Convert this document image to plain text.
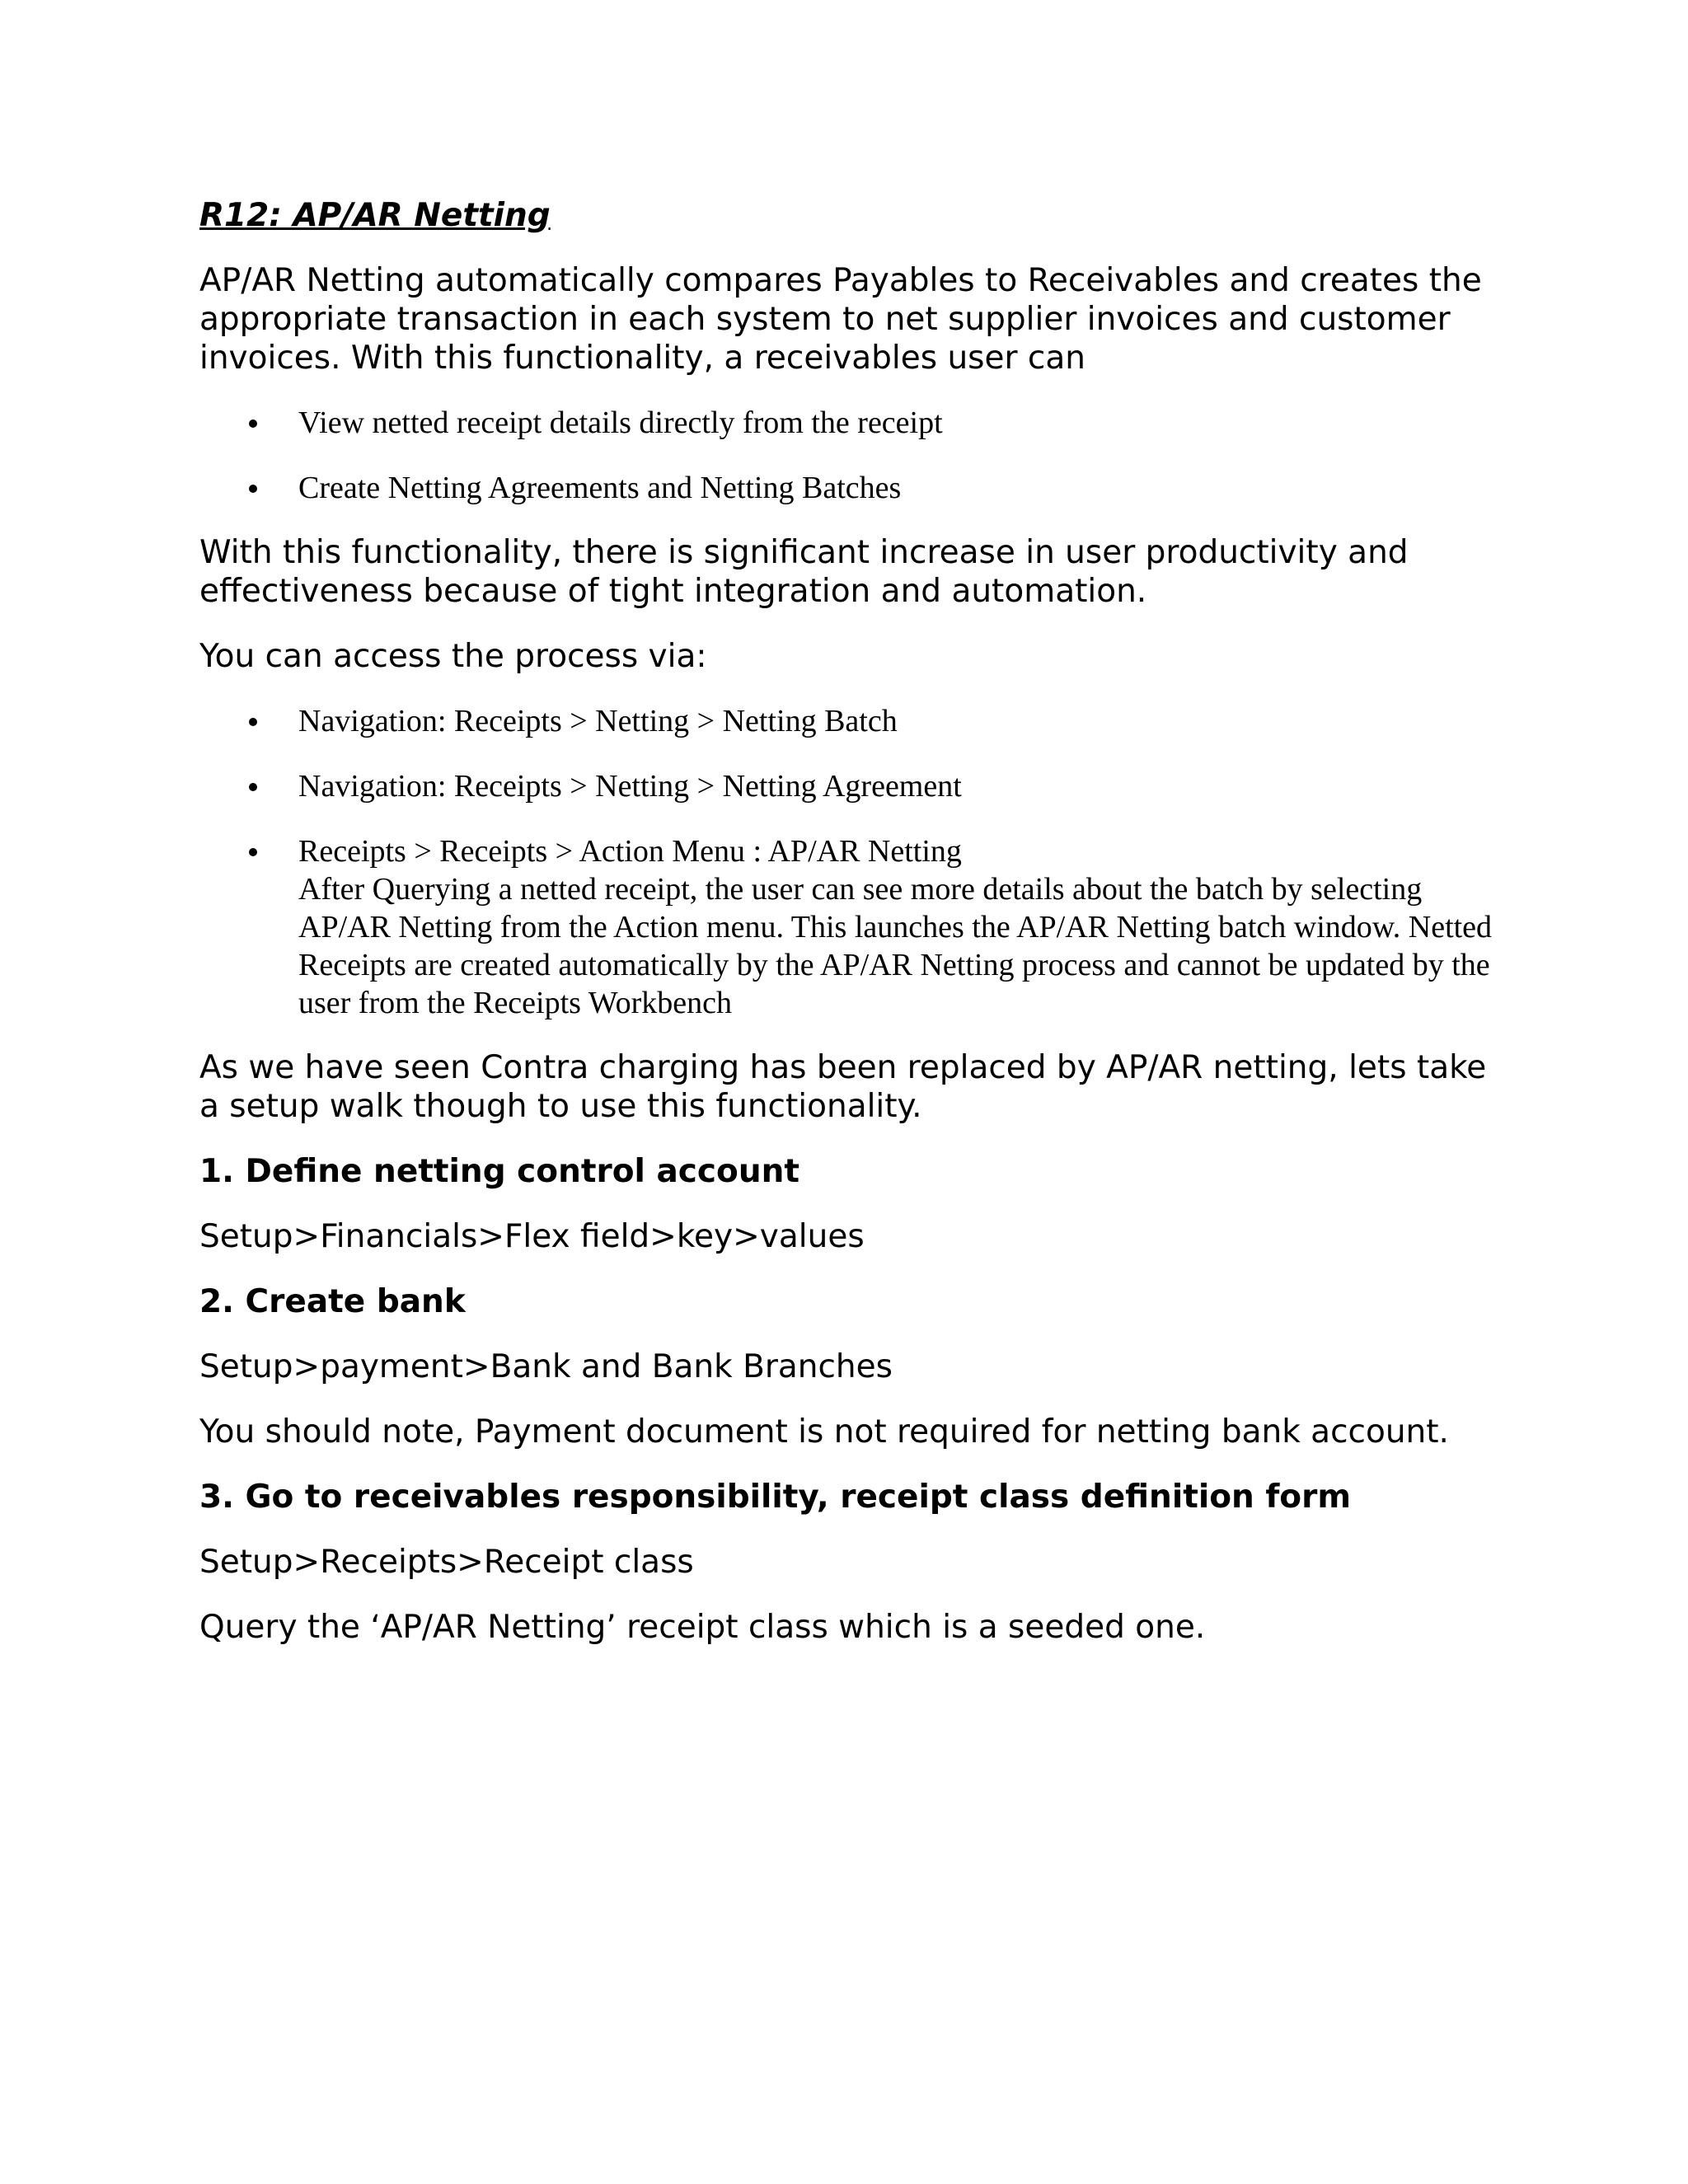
R12: AP/AR Netting

AP/AR Netting automatically compares Payables to Receivables and creates the appropriate transaction in each system to net supplier invoices and customer invoices. With this functionality, a receivables user can

View netted receipt details directly from the receipt
Create Netting Agreements and Netting Batches

With this functionality, there is significant increase in user productivity and effectiveness because of tight integration and automation.

You can access the process via:

Navigation: Receipts > Netting > Netting Batch
Navigation: Receipts > Netting > Netting Agreement
Receipts > Receipts > Action Menu : AP/AR Netting
After Querying a netted receipt, the user can see more details about the batch by selecting AP/AR Netting from the Action menu. This launches the AP/AR Netting batch window. Netted Receipts are created automatically by the AP/AR Netting process and cannot be updated by the user from the Receipts Workbench

As we have seen Contra charging has been replaced by AP/AR netting, lets take a setup walk though to use this functionality.

1. Define netting control account

Setup>Financials>Flex field>key>values

2. Create bank

Setup>payment>Bank and Bank Branches

You should note, Payment document is not required for netting bank account.

3. Go to receivables responsibility, receipt class definition form

Setup>Receipts>Receipt class

Query the ‘AP/AR Netting’ receipt class which is a seeded one.
